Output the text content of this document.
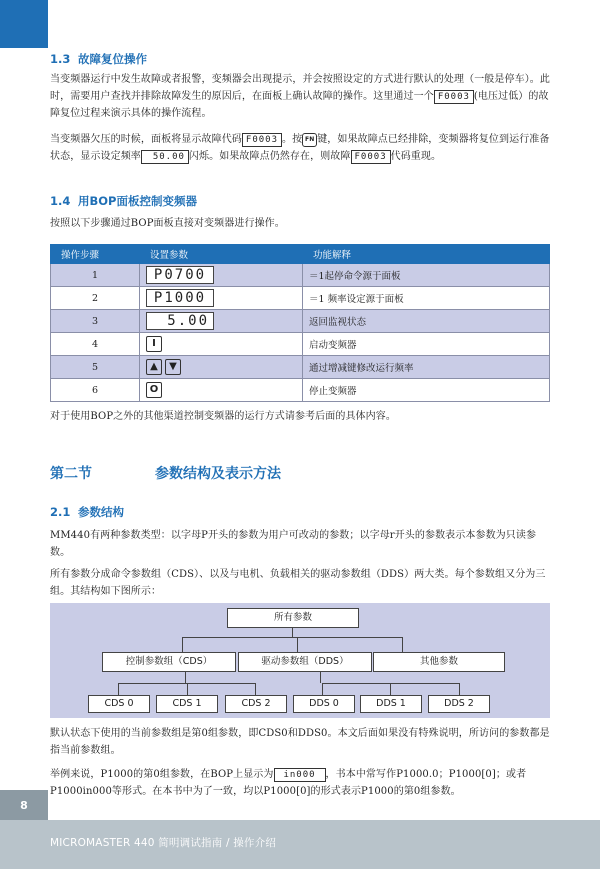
1.3 故障复位操作
当变频器运行中发生故障或者报警，变频器会出现提示，并会按照设定的方式进行默认的处理（一般是停车）。此时，需要用户查找并排除故障发生的原因后，在面板上确认故障的操作。这里通过一个 F0003 (电压过低）的故障复位过程来演示具体的操作流程。
当变频器欠压的时候，面板将显示故障代码 F0003 。按 FN 键，如果故障点已经排除，变频器将复位到运行准备状态，显示设定频率 50.00 闪烁。如果故障点仍然存在，则故障 F0003 代码重现。
1.4 用BOP面板控制变频器
按照以下步骤通过BOP面板直接对变频器进行操作。
操作步骤	设置参数	功能解释
1	P0700	＝1起停命令源于面板
2	P1000	＝1 频率设定源于面板
3	5.00	返回监视状态
4	I	启动变频器
5	▲ ▼	通过增减键修改运行频率
6	O	停止变频器
对于使用BOP之外的其他渠道控制变频器的运行方式请参考后面的具体内容。
第二节	参数结构及表示方法
2.1 参数结构
MM440有两种参数类型：以字母P开头的参数为用户可改动的参数；以字母r开头的参数表示本参数为只读参数。
所有参数分成命令参数组（CDS）、以及与电机、负载相关的驱动参数组（DDS）两大类。每个参数组又分为三组。其结构如下图所示：
所有参数
控制参数组（CDS）	驱动参数组（DDS）	其他参数
CDS 0	CDS 1	CDS 2	DDS 0	DDS 1	DDS 2
默认状态下使用的当前参数组是第0组参数，即CDS0和DDS0。本文后面如果没有特殊说明，所访问的参数都是指当前参数组。
举例来说，P1000的第0组参数，在BOP上显示为 in000 ，书本中常写作P1000.0；P1000[0]；或者P1000in000等形式。在本书中为了一致，均以P1000[0]的形式表示P1000的第0组参数。
8
MICROMASTER 440 简明调试指南 / 操作介绍
